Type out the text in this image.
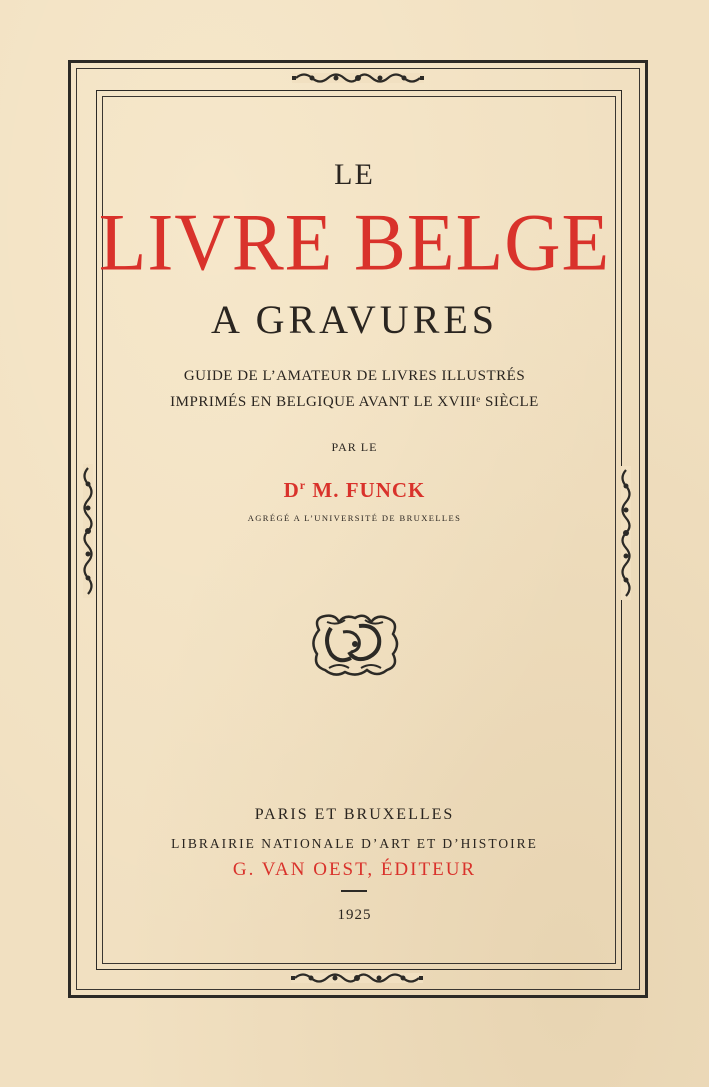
LE
LIVRE BELGE
A GRAVURES
GUIDE DE L’AMATEUR DE LIVRES ILLUSTRÉS
IMPRIMÉS EN BELGIQUE AVANT LE XVIIIᵉ SIÈCLE
PAR LE
$D^r$ M. FUNCK
AGRÉGÉ A L’UNIVERSITÉ DE BRUXELLES
PARIS ET BRUXELLES
LIBRAIRIE NATIONALE D’ART ET D’HISTOIRE
G. VAN OEST, ÉDITEUR
1925
